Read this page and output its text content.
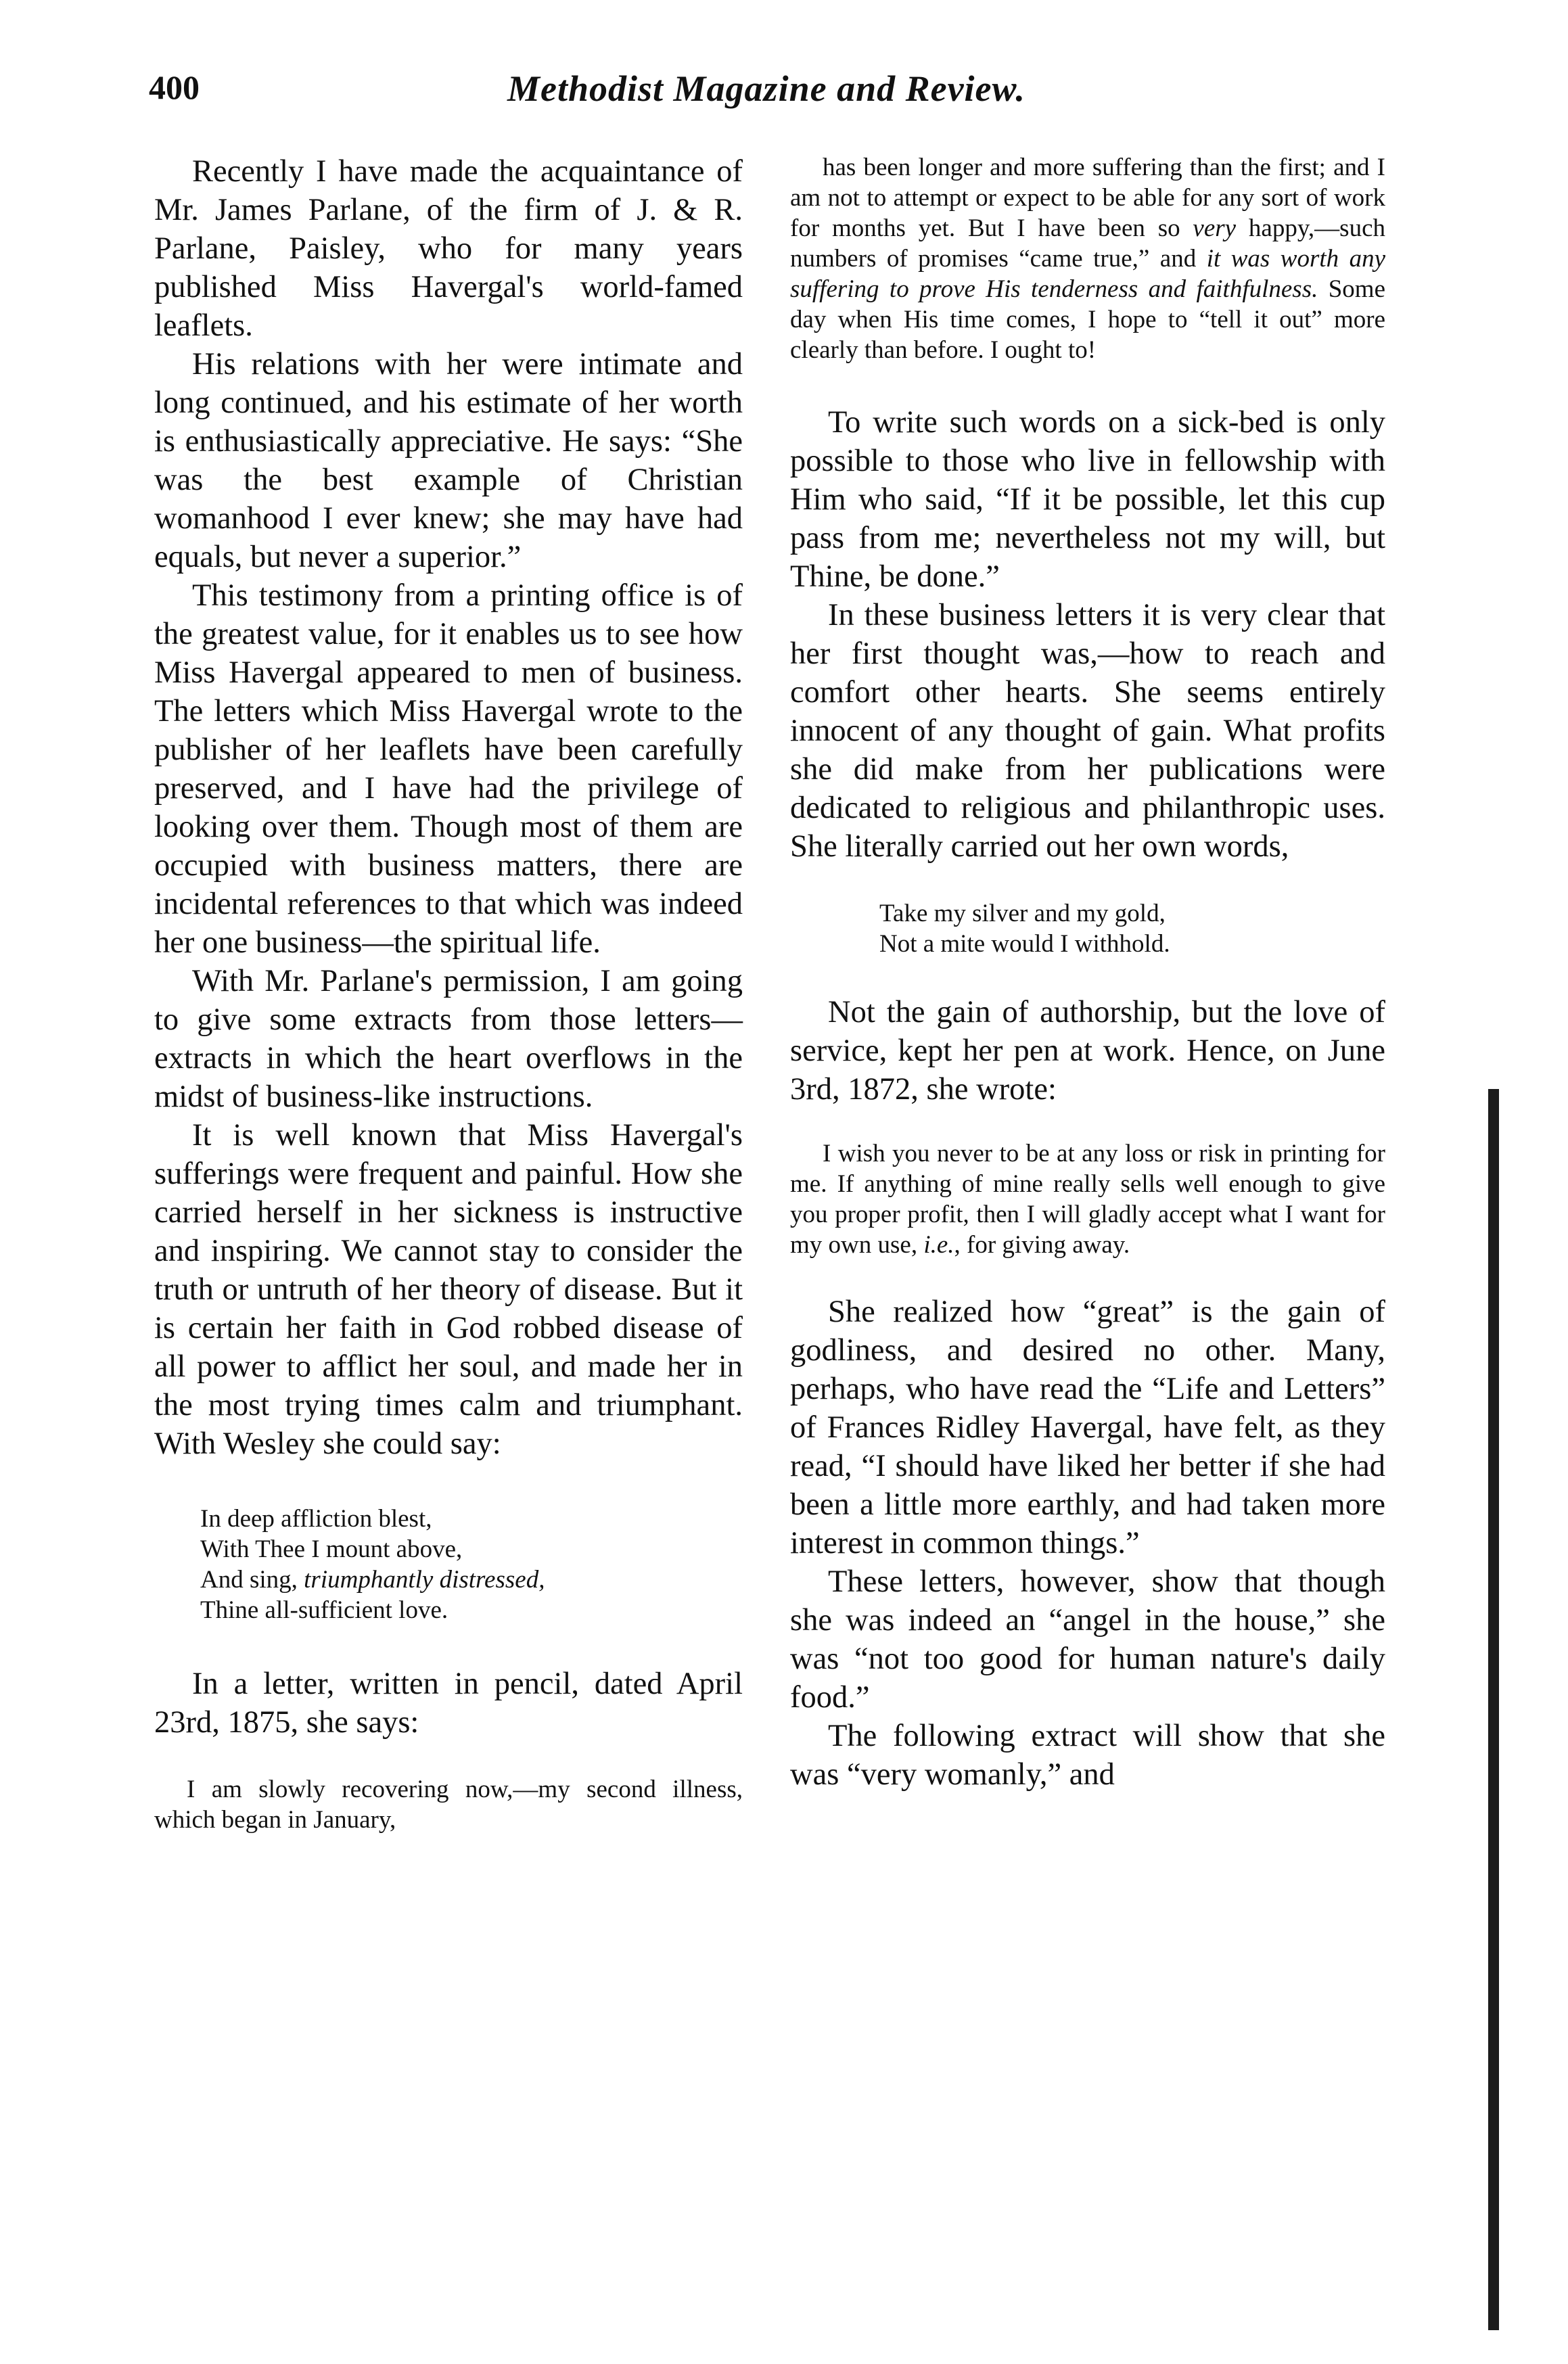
400	Methodist Magazine and Review.

Recently I have made the acquaintance of Mr. James Parlane, of the firm of J. & R. Parlane, Paisley, who for many years published Miss Havergal's world-famed leaflets.

His relations with her were intimate and long continued, and his estimate of her worth is enthusiastically appreciative. He says: “She was the best example of Christian womanhood I ever knew; she may have had equals, but never a superior.”

This testimony from a printing office is of the greatest value, for it enables us to see how Miss Havergal appeared to men of business. The letters which Miss Havergal wrote to the publisher of her leaflets have been carefully preserved, and I have had the privilege of looking over them. Though most of them are occupied with business matters, there are incidental references to that which was indeed her one business—the spiritual life.

With Mr. Parlane's permission, I am going to give some extracts from those letters—extracts in which the heart overflows in the midst of business-like instructions.

It is well known that Miss Havergal's sufferings were frequent and painful. How she carried herself in her sickness is instructive and inspiring. We cannot stay to consider the truth or untruth of her theory of disease. But it is certain her faith in God robbed disease of all power to afflict her soul, and made her in the most trying times calm and triumphant. With Wesley she could say:

In deep affliction blest,
With Thee I mount above,
And sing, triumphantly distressed,
Thine all-sufficient love.

In a letter, written in pencil, dated April 23rd, 1875, she says:

I am slowly recovering now,—my second illness, which began in January,

has been longer and more suffering than the first; and I am not to attempt or expect to be able for any sort of work for months yet. But I have been so very happy,—such numbers of promises “came true,” and it was worth any suffering to prove His tenderness and faithfulness. Some day when His time comes, I hope to “tell it out” more clearly than before. I ought to!

To write such words on a sick-bed is only possible to those who live in fellowship with Him who said, “If it be possible, let this cup pass from me; nevertheless not my will, but Thine, be done.”

In these business letters it is very clear that her first thought was,—how to reach and comfort other hearts. She seems entirely innocent of any thought of gain. What profits she did make from her publications were dedicated to religious and philanthropic uses. She literally carried out her own words,

Take my silver and my gold,
Not a mite would I withhold.

Not the gain of authorship, but the love of service, kept her pen at work. Hence, on June 3rd, 1872, she wrote:

I wish you never to be at any loss or risk in printing for me. If anything of mine really sells well enough to give you proper profit, then I will gladly accept what I want for my own use, i.e., for giving away.

She realized how “great” is the gain of godliness, and desired no other. Many, perhaps, who have read the “Life and Letters” of Frances Ridley Havergal, have felt, as they read, “I should have liked her better if she had been a little more earthly, and had taken more interest in common things.”

These letters, however, show that though she was indeed an “angel in the house,” she was “not too good for human nature's daily food.”

The following extract will show that she was “very womanly,” and
